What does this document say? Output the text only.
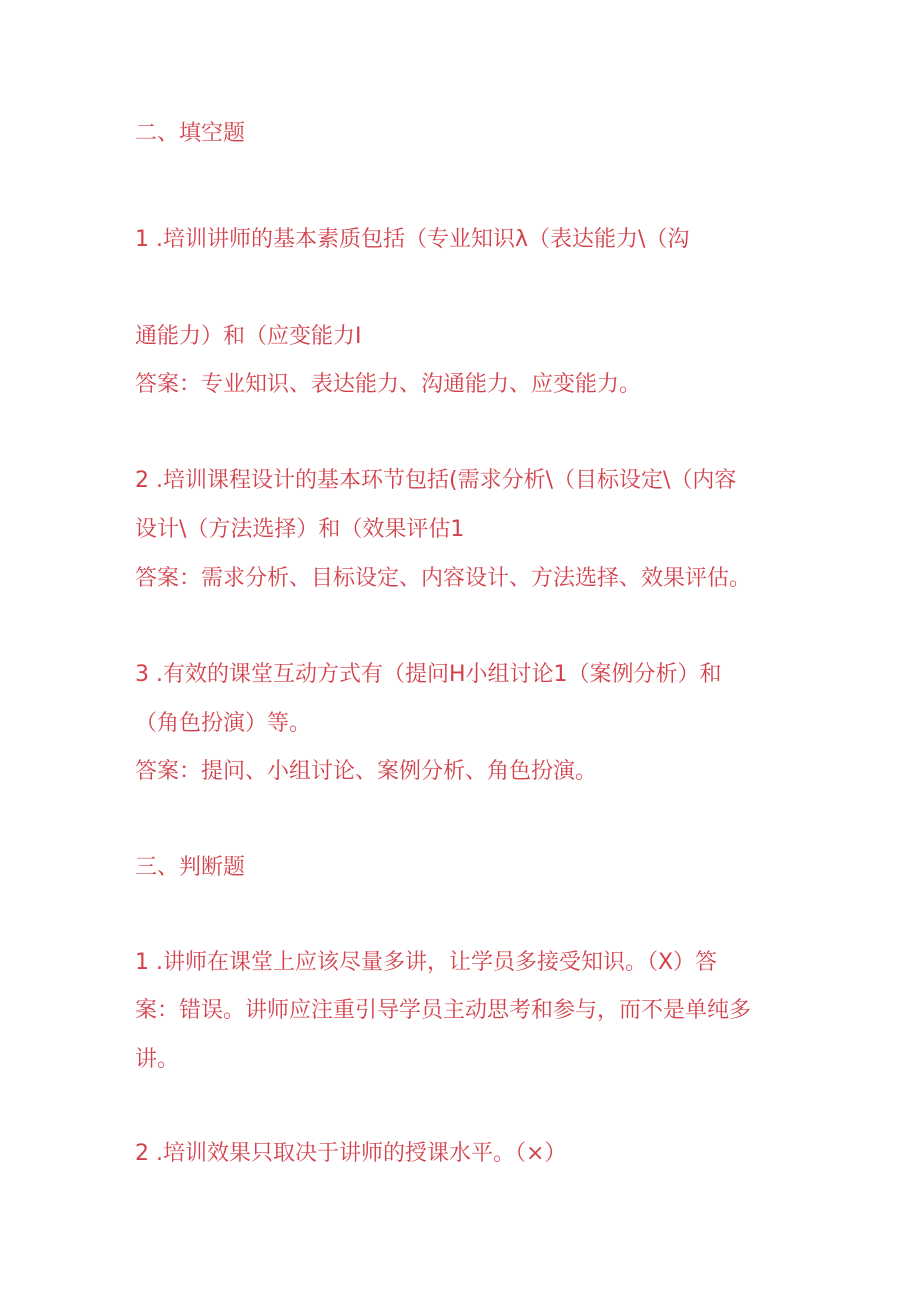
二、填空题
1 .培训讲师的基本素质包括（专业知识λ（表达能力\（沟
通能力）和（应变能力I
答案：专业知识、表达能力、沟通能力、应变能力。
2 .培训课程设计的基本环节包括(需求分析\（目标设定\（内容
设计\（方法选择）和（效果评估1
答案：需求分析、目标设定、内容设计、方法选择、效果评估。
3 .有效的课堂互动方式有（提问H小组讨论1（案例分析）和
（角色扮演）等。
答案：提问、小组讨论、案例分析、角色扮演。
三、判断题
1 .讲师在课堂上应该尽量多讲，让学员多接受知识。（X）答
案：错误。讲师应注重引导学员主动思考和参与，而不是单纯多
讲。
2 .培训效果只取决于讲师的授课水平。（×）
